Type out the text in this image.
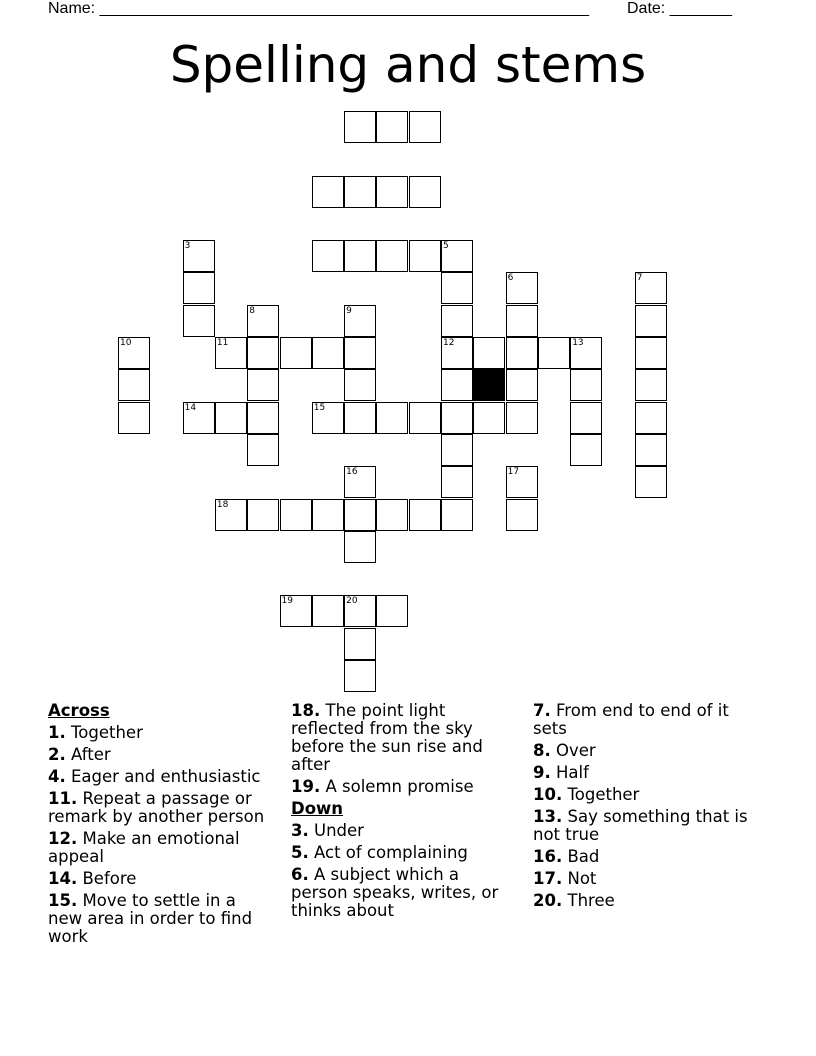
Name: _______________________________________________________ Date: _______
Spelling and stems
3	5
6	7
8	9
10	11	12	13
14	15
16	17
18
19	20
Across
1. Together
2. After
4. Eager and enthusiastic
11. Repeat a passage or remark by another person
12. Make an emotional appeal
14. Before
15. Move to settle in a new area in order to find work
18. The point light reflected from the sky before the sun rise and after
19. A solemn promise
Down
3. Under
5. Act of complaining
6. A subject which a person speaks, writes, or thinks about
7. From end to end of it sets
8. Over
9. Half
10. Together
13. Say something that is not true
16. Bad
17. Not
20. Three
